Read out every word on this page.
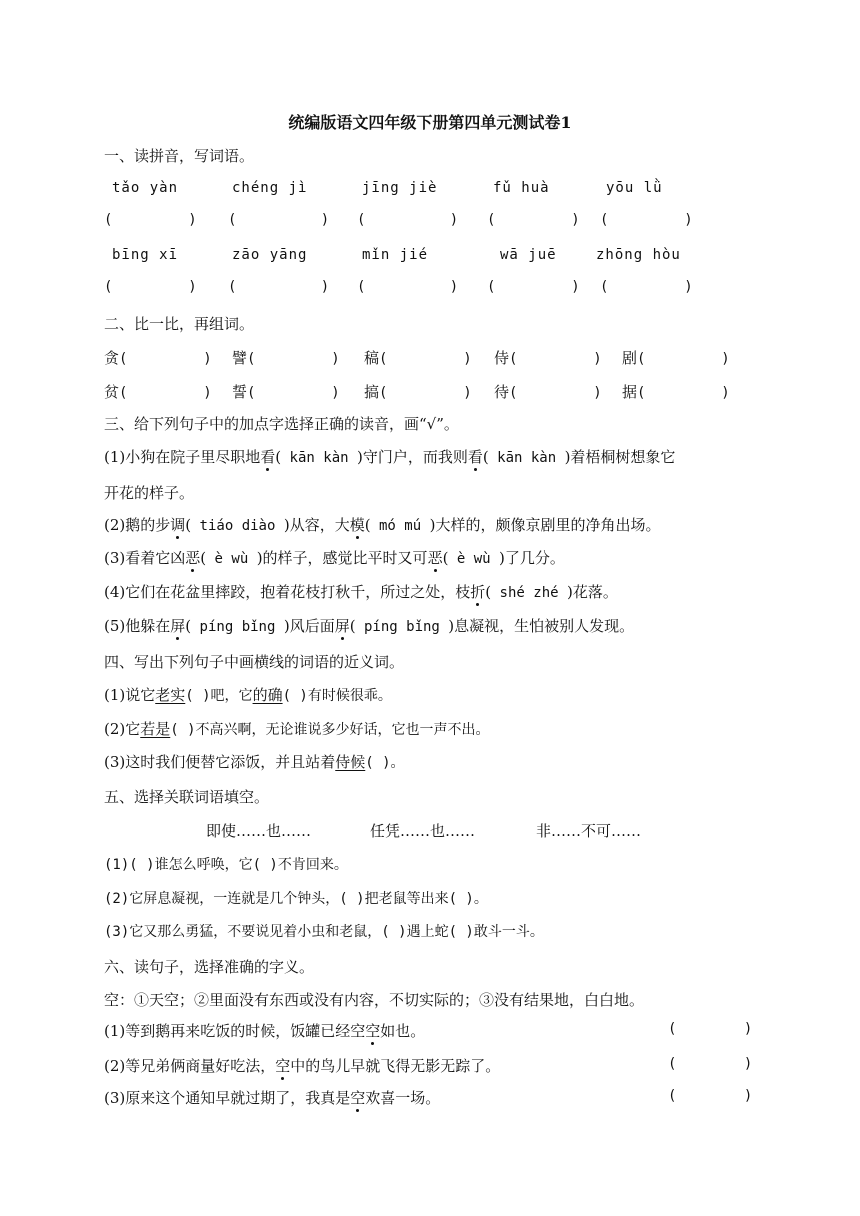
统编版语文四年级下册第四单元测试卷1
一、读拼音，写词语。
tǎo yàn	chéng jì	jīng jiè	fǔ huà	yōu lǜ
(         ) (          ) (          ) (         ) (         )
bīng xī	zāo yāng	mǐn jié	wā juē	zhōng hòu
(         ) (          ) (          ) (         ) (         )
二、比一比，再组词。
贪(         ) 譬(         ) 稿(         ) 侍(         ) 剧(         )
贫(         ) 誓(         ) 搞(         ) 待(         ) 据(         )
三、给下列句子中的加点字选择正确的读音，画“√”。
(1)小狗在院子里尽职地看( kān kàn )守门户，而我则看( kān kàn )着梧桐树想象它
开花的样子。
(2)鹅的步调( tiáo diào )从容，大模( mó mú )大样的，颇像京剧里的净角出场。
(3)看着它凶恶( è wù )的样子，感觉比平时又可恶( è wù )了几分。
(4)它们在花盆里摔跤，抱着花枝打秋千，所过之处，枝折( shé zhé )花落。
(5)他躲在屏( píng bǐng )风后面屏( píng bǐng )息凝视，生怕被别人发现。
四、写出下列句子中画横线的词语的近义词。
(1)说它老实( )吧，它的确( )有时候很乖。
(2)它若是( )不高兴啊，无论谁说多少好话，它也一声不出。
(3)这时我们便替它添饭，并且站着侍候( )。
五、选择关联词语填空。
即使……也……	任凭……也……	非……不可……
(1)( )谁怎么呼唤，它( )不肯回来。
(2)它屏息凝视，一连就是几个钟头，( )把老鼠等出来( )。
(3)它又那么勇猛，不要说见着小虫和老鼠，( )遇上蛇( )敢斗一斗。
六、读句子，选择准确的字义。
空：①天空；②里面没有东西或没有内容，不切实际的；③没有结果地，白白地。
(1)等到鹅再来吃饭的时候，饭罐已经空空如也。	(        )
(2)等兄弟俩商量好吃法，空中的鸟儿早就飞得无影无踪了。	(        )
(3)原来这个通知早就过期了，我真是空欢喜一场。	(        )
